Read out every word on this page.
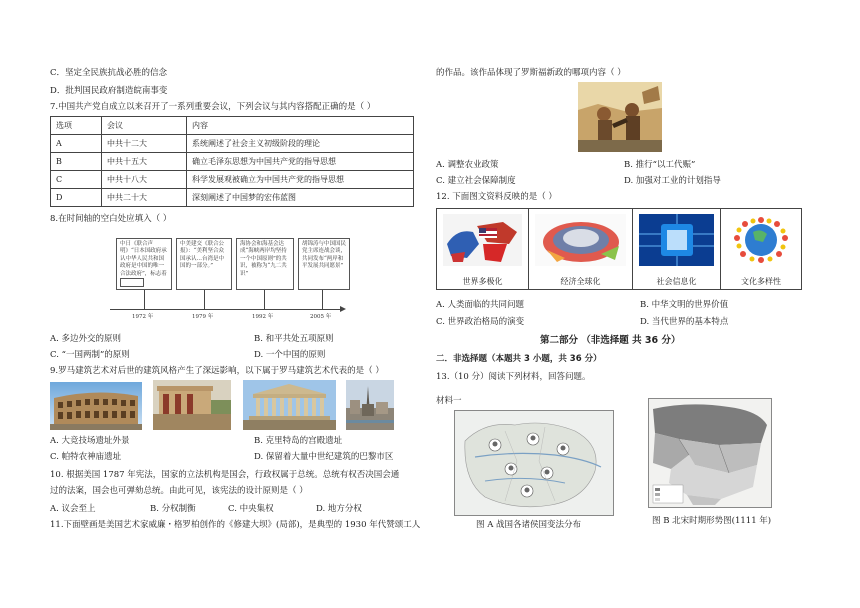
C．坚定全民族抗战必胜的信念
D．批判国民政府制造皖南事变
7.中国共产党自成立以来召开了一系列重要会议，下列会议与其内容搭配正确的是（ ）
选项	会议	内容
A	中共十二大	系统阐述了社会主义初级阶段的理论
B	中共十五大	确立毛泽东思想为中国共产党的指导思想
C	中共十八大	科学发展观被确立为中国共产党的指导思想
D	中共二十大	深刻阐述了中国梦的宏伟蓝图
8.在时间轴的空白处应填入（ ）
中日《联合声明》“日本国政府承认中华人民共和国政府是中国的唯一合法政府”，标志着
中美建交《联合公报》：“美利坚合众国承认…台湾是中国的一部分。”
海协会和海基会达成“海峡两岸均坚持一个中国原则”的共识，被称为“九二共识”
胡锦涛与中国国民党主席连战会谈，共同发布“两岸和平发展共同愿景”
1972 年	1979 年	1992 年	2005 年
A. 多边外交的原则	B. 和平共处五项原则
C. “一国两制”的原则	D. 一个中国的原则
9.罗马建筑艺术对后世的建筑风格产生了深远影响，以下属于罗马建筑艺术代表的是（ ）
A. 大竞技场遗址外景	B. 克里特岛的宫殿遗址
C. 帕特农神庙遗址	D. 保留着大量中世纪建筑的巴黎市区
10. 根据美国 1787 年宪法，国家的立法机构是国会，行政权属于总统。总统有权否决国会通
过的法案，国会也可弹劾总统。由此可见，该宪法的设计原则是（ ）
A. 议会至上	B. 分权制衡	C. 中央集权	D. 地方分权
11.下面壁画是美国艺术家威廉・格罗柏创作的《修建大坝》(局部)，是典型的 1930 年代赞颂工人
的作品。该作品体现了罗斯福新政的哪项内容（ ）
A. 调整农业政策	B. 推行“以工代赈”
C. 建立社会保障制度	D. 加强对工业的计划指导
12. 下面图文资料反映的是（ ）
世界多极化	经济全球化	社会信息化	文化多样性
A. 人类面临的共同问题	B. 中华文明的世界价值
C. 世界政治格局的演变	D. 当代世界的基本特点
第二部分 （非选择题 共 36 分）
二．非选择题（本题共 3 小题，共 36 分）
13.（10 分）阅读下列材料，回答问题。
材料一
图 A 战国各诸侯国变法分布	图 B 北宋时期形势图(1111 年)
